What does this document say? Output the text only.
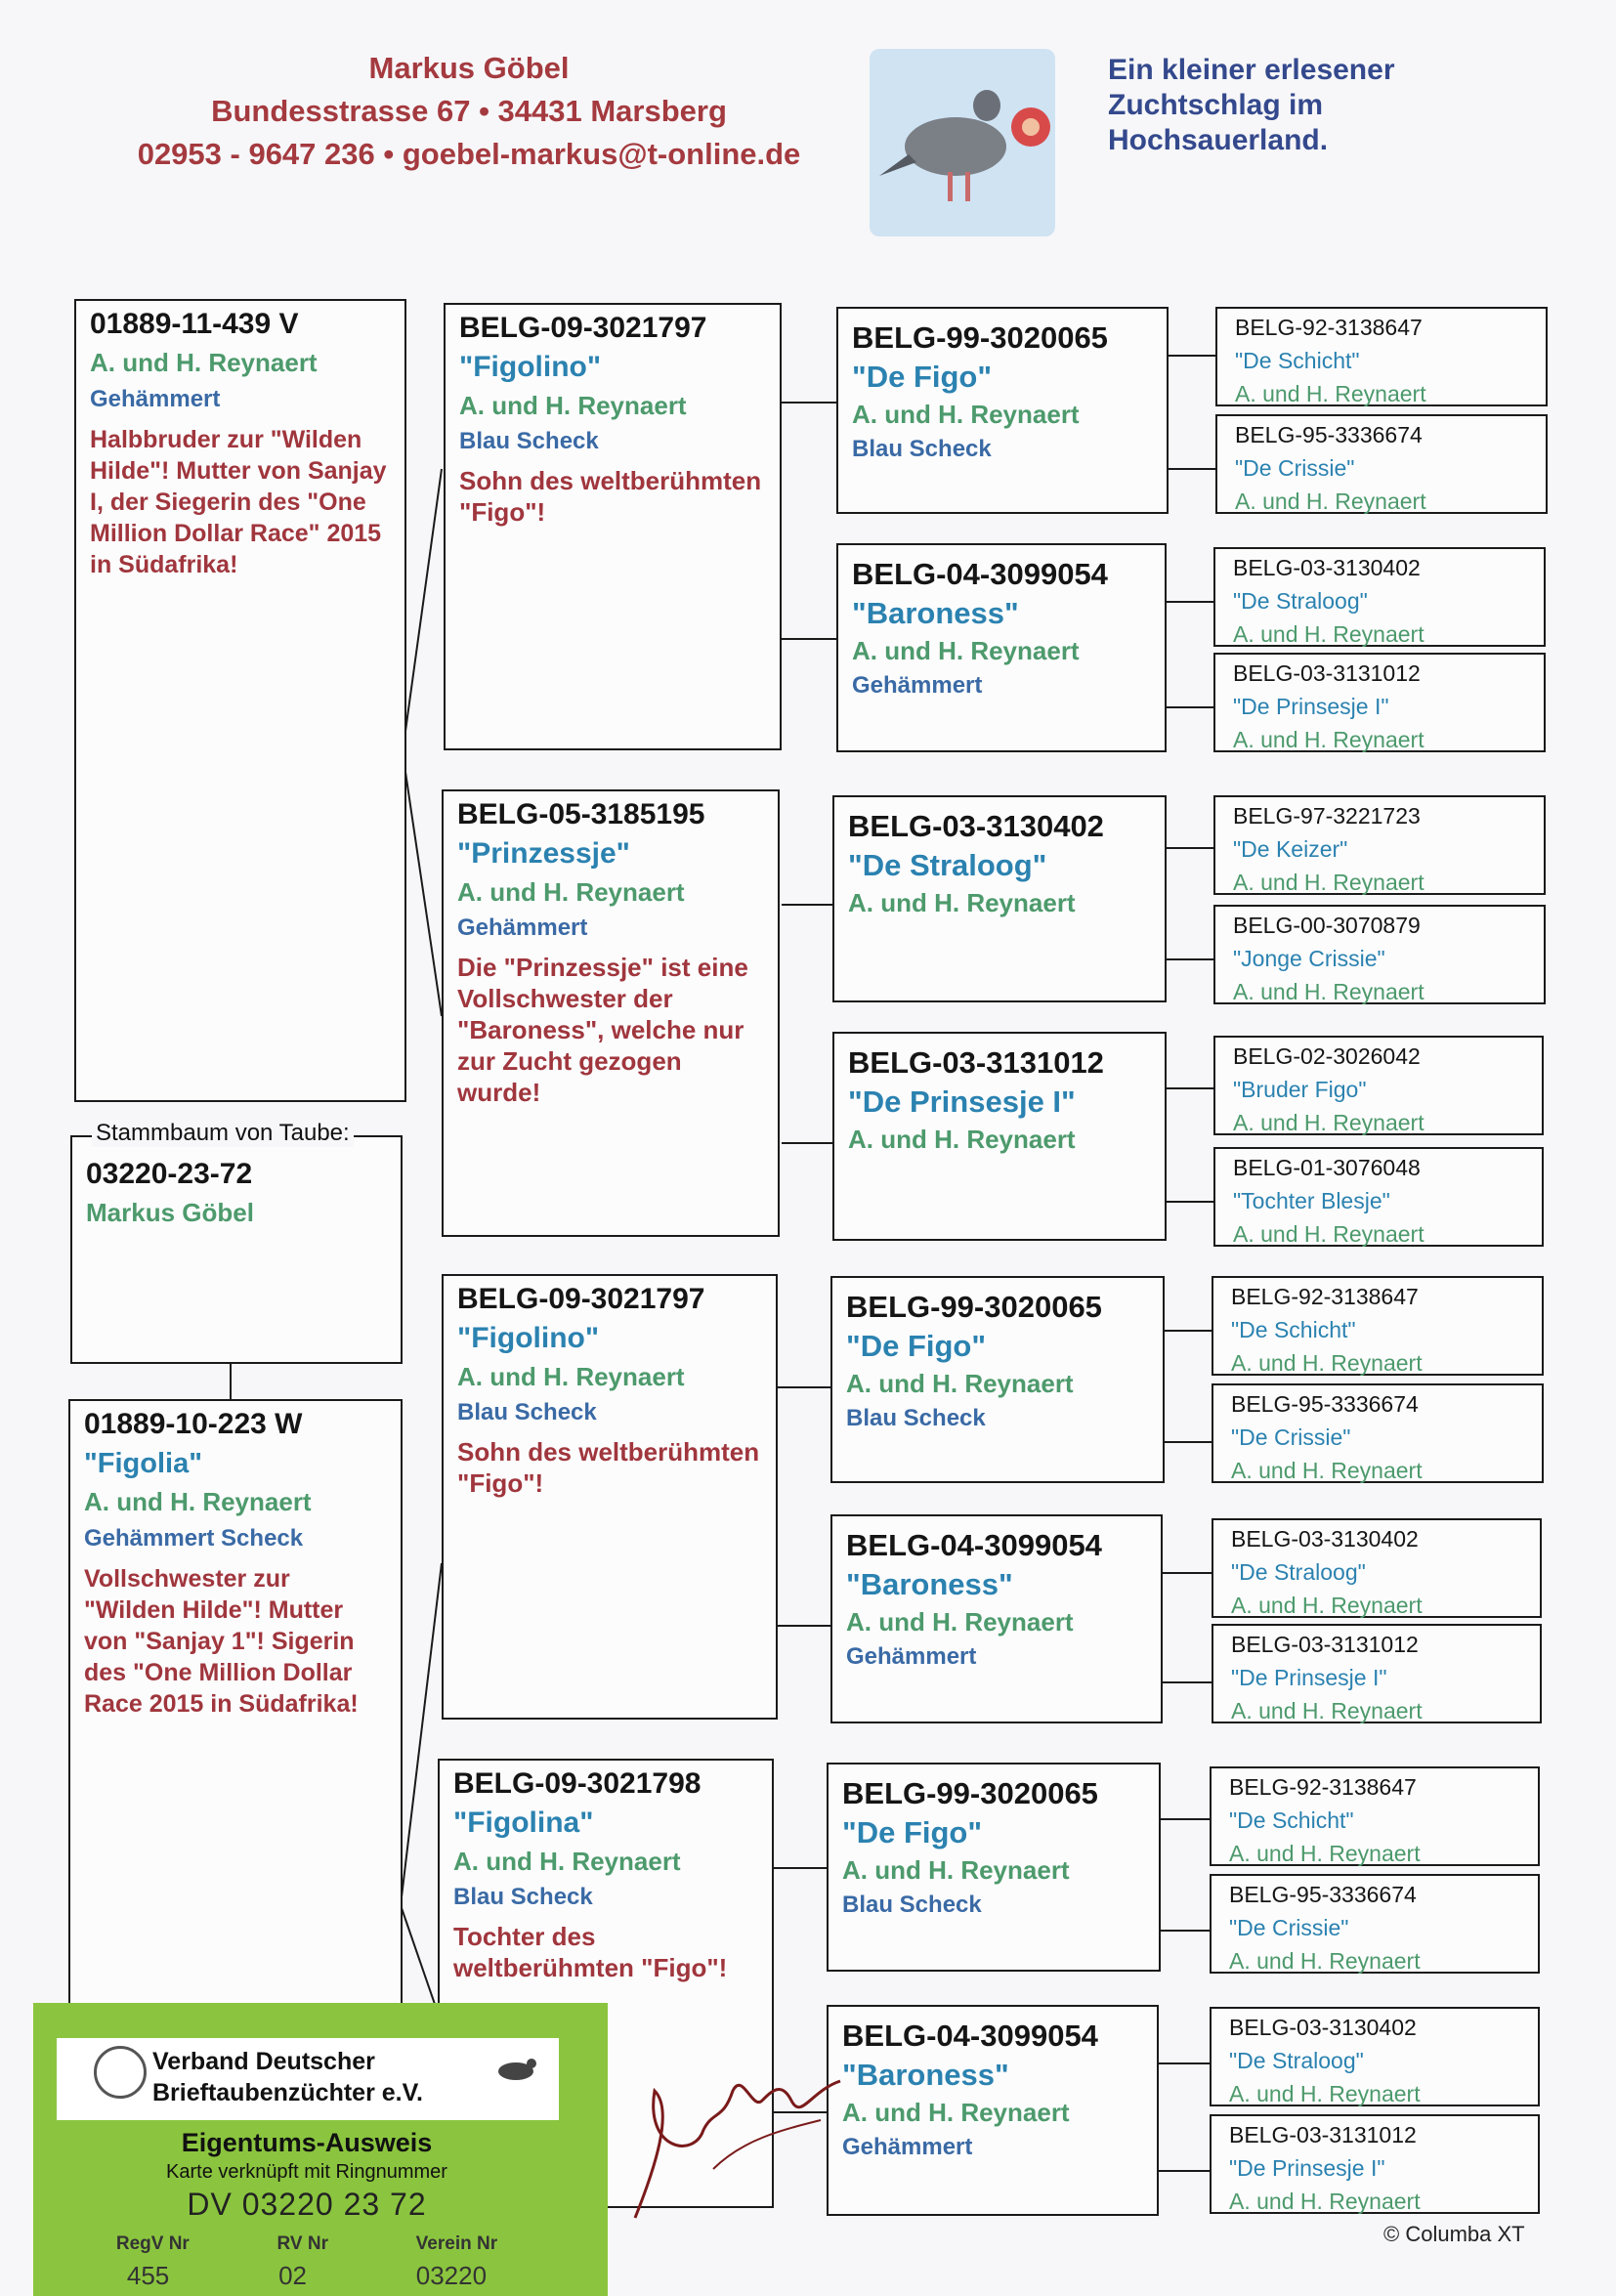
Markus Göbel
Bundesstrasse 67 • 34431 Marsberg
02953 - 9647 236 • goebel-markus@t-online.de
Ein kleiner erlesener
Zuchtschlag im
Hochsauerland.
01889-11-439 V
A. und H. Reynaert
Gehämmert
Halbbruder zur "Wilden Hilde"! Mutter von Sanjay I, der Siegerin des "One Million Dollar Race" 2015 in Südafrika!
03220-23-72
Markus Göbel
Stammbaum von Taube:
01889-10-223 W
"Figolia"
A. und H. Reynaert
Gehämmert Scheck
Vollschwester zur "Wilden Hilde"! Mutter von "Sanjay 1"! Sigerin des "One Million Dollar Race 2015 in Südafrika!
BELG-09-3021797
"Figolino"
A. und H. Reynaert
Blau Scheck
Sohn des weltberühmten "Figo"!
BELG-05-3185195
"Prinzessje"
A. und H. Reynaert
Gehämmert
Die "Prinzessje" ist eine Vollschwester der "Baroness", welche nur zur Zucht gezogen wurde!
BELG-09-3021797
"Figolino"
A. und H. Reynaert
Blau Scheck
Sohn des weltberühmten "Figo"!
BELG-09-3021798
"Figolina"
A. und H. Reynaert
Blau Scheck
Tochter des weltberühmten "Figo"!
BELG-99-3020065
"De Figo"
A. und H. Reynaert
Blau Scheck
BELG-04-3099054
"Baroness"
A. und H. Reynaert
Gehämmert
BELG-03-3130402
"De Straloog"
A. und H. Reynaert
BELG-03-3131012
"De Prinsesje I"
A. und H. Reynaert
BELG-99-3020065
"De Figo"
A. und H. Reynaert
Blau Scheck
BELG-04-3099054
"Baroness"
A. und H. Reynaert
Gehämmert
BELG-99-3020065
"De Figo"
A. und H. Reynaert
Blau Scheck
BELG-04-3099054
"Baroness"
A. und H. Reynaert
Gehämmert
BELG-92-3138647
"De Schicht"
A. und H. Reynaert
BELG-95-3336674
"De Crissie"
A. und H. Reynaert
BELG-03-3130402
"De Straloog"
A. und H. Reynaert
BELG-03-3131012
"De Prinsesje I"
A. und H. Reynaert
BELG-97-3221723
"De Keizer"
A. und H. Reynaert
BELG-00-3070879
"Jonge Crissie"
A. und H. Reynaert
BELG-02-3026042
"Bruder Figo"
A. und H. Reynaert
BELG-01-3076048
"Tochter Blesje"
A. und H. Reynaert
BELG-92-3138647
"De Schicht"
A. und H. Reynaert
BELG-95-3336674
"De Crissie"
A. und H. Reynaert
BELG-03-3130402
"De Straloog"
A. und H. Reynaert
BELG-03-3131012
"De Prinsesje I"
A. und H. Reynaert
BELG-92-3138647
"De Schicht"
A. und H. Reynaert
BELG-95-3336674
"De Crissie"
A. und H. Reynaert
BELG-03-3130402
"De Straloog"
A. und H. Reynaert
BELG-03-3131012
"De Prinsesje I"
A. und H. Reynaert
Verband Deutscher
Brieftaubenzüchter e.V.
Eigentums-Ausweis
Karte verknüpft mit Ringnummer
DV 03220 23 72
RegV Nr	RV Nr	Verein Nr
455	02	03220
© Columba XT
